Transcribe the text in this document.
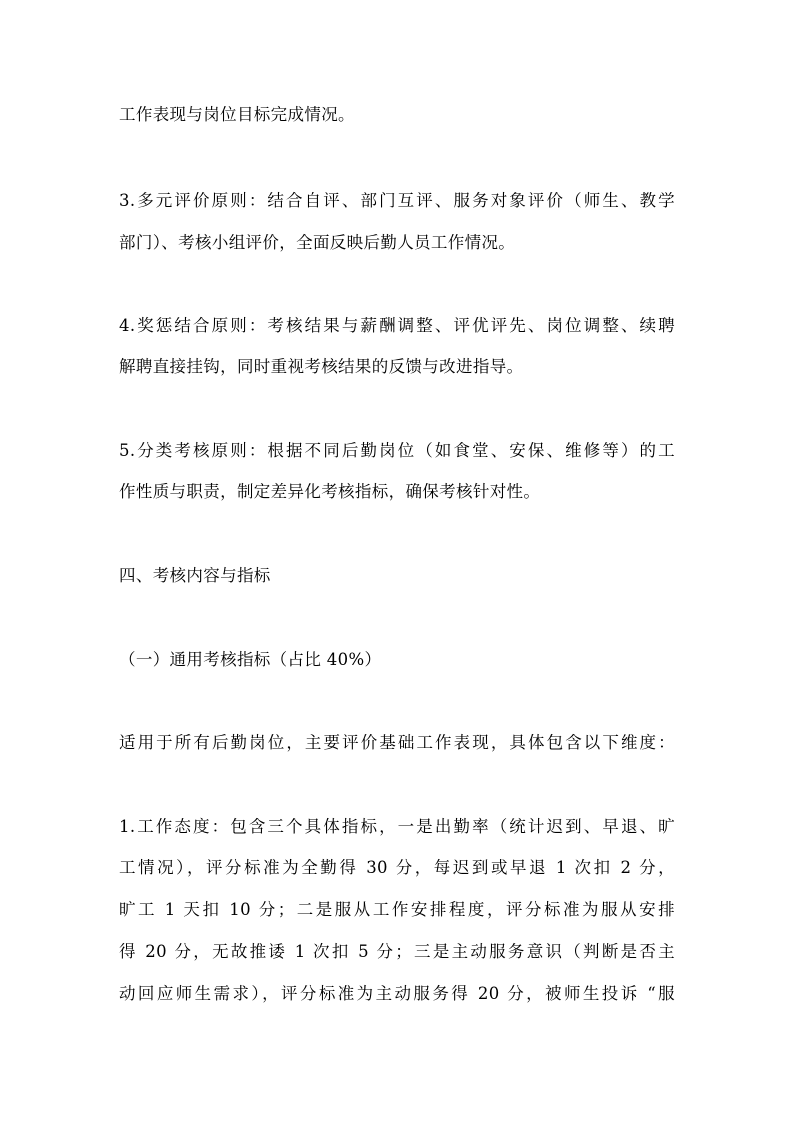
工作表现与岗位目标完成情况。
3.多元评价原则：结合自评、部门互评、服务对象评价（师生、教学
部门）、考核小组评价，全面反映后勤人员工作情况。
4.奖惩结合原则：考核结果与薪酬调整、评优评先、岗位调整、续聘
解聘直接挂钩，同时重视考核结果的反馈与改进指导。
5.分类考核原则：根据不同后勤岗位（如食堂、安保、维修等）的工
作性质与职责，制定差异化考核指标，确保考核针对性。
四、考核内容与指标
（一）通用考核指标（占比 40%）
适用于所有后勤岗位，主要评价基础工作表现，具体包含以下维度：
1.工作态度：包含三个具体指标，一是出勤率（统计迟到、早退、旷
工情况），评分标准为全勤得 30 分，每迟到或早退 1 次扣 2 分，
旷工 1 天扣 10 分；二是服从工作安排程度，评分标准为服从安排
得 20 分，无故推诿 1 次扣 5 分；三是主动服务意识（判断是否主
动回应师生需求），评分标准为主动服务得 20 分，被师生投诉 “服
